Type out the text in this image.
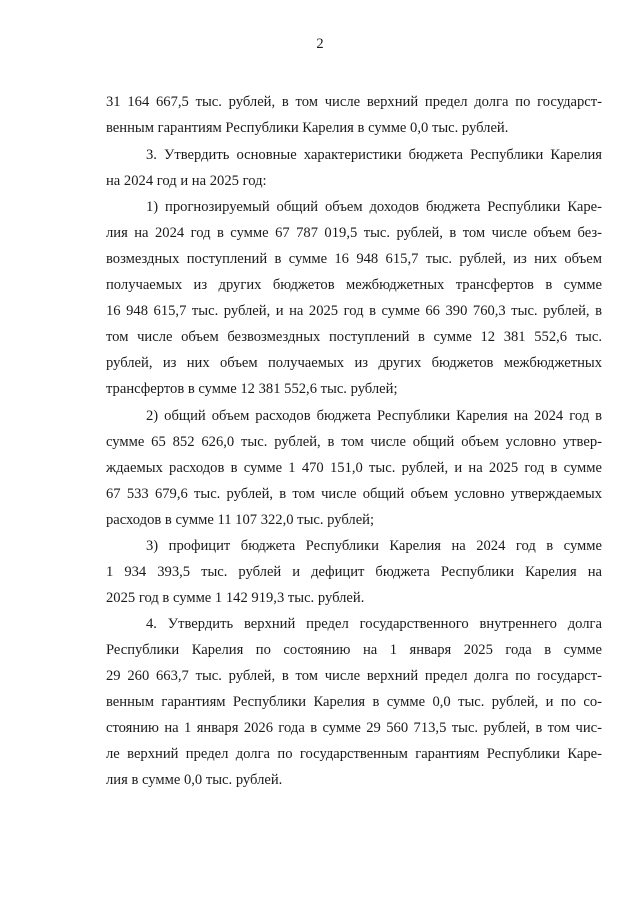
2
31 164 667,5 тыс. рублей, в том числе верхний предел долга по государст-
венным гарантиям Республики Карелия в сумме 0,0 тыс. рублей.
3. Утвердить основные характеристики бюджета Республики Карелия
на 2024 год и на 2025 год:
1) прогнозируемый общий объем доходов бюджета Республики Каре-
лия на 2024 год в сумме 67 787 019,5 тыс. рублей, в том числе объем без-
возмездных поступлений в сумме 16 948 615,7 тыс. рублей, из них объем
получаемых из других бюджетов межбюджетных трансфертов в сумме
16 948 615,7 тыс. рублей, и на 2025 год в сумме 66 390 760,3 тыс. рублей, в
том числе объем безвозмездных поступлений в сумме 12 381 552,6 тыс.
рублей, из них объем получаемых из других бюджетов межбюджетных
трансфертов в сумме 12 381 552,6 тыс. рублей;
2) общий объем расходов бюджета Республики Карелия на 2024 год в
сумме 65 852 626,0 тыс. рублей, в том числе общий объем условно утвер-
ждаемых расходов в сумме 1 470 151,0 тыс. рублей, и на 2025 год в сумме
67 533 679,6 тыс. рублей, в том числе общий объем условно утверждаемых
расходов в сумме 11 107 322,0 тыс. рублей;
3) профицит бюджета Республики Карелия на 2024 год в сумме
1 934 393,5 тыс. рублей и дефицит бюджета Республики Карелия на
2025 год в сумме 1 142 919,3 тыс. рублей.
4. Утвердить верхний предел государственного внутреннего долга
Республики Карелия по состоянию на 1 января 2025 года в сумме
29 260 663,7 тыс. рублей, в том числе верхний предел долга по государст-
венным гарантиям Республики Карелия в сумме 0,0 тыс. рублей, и по со-
стоянию на 1 января 2026 года в сумме 29 560 713,5 тыс. рублей, в том чис-
ле верхний предел долга по государственным гарантиям Республики Каре-
лия в сумме 0,0 тыс. рублей.
